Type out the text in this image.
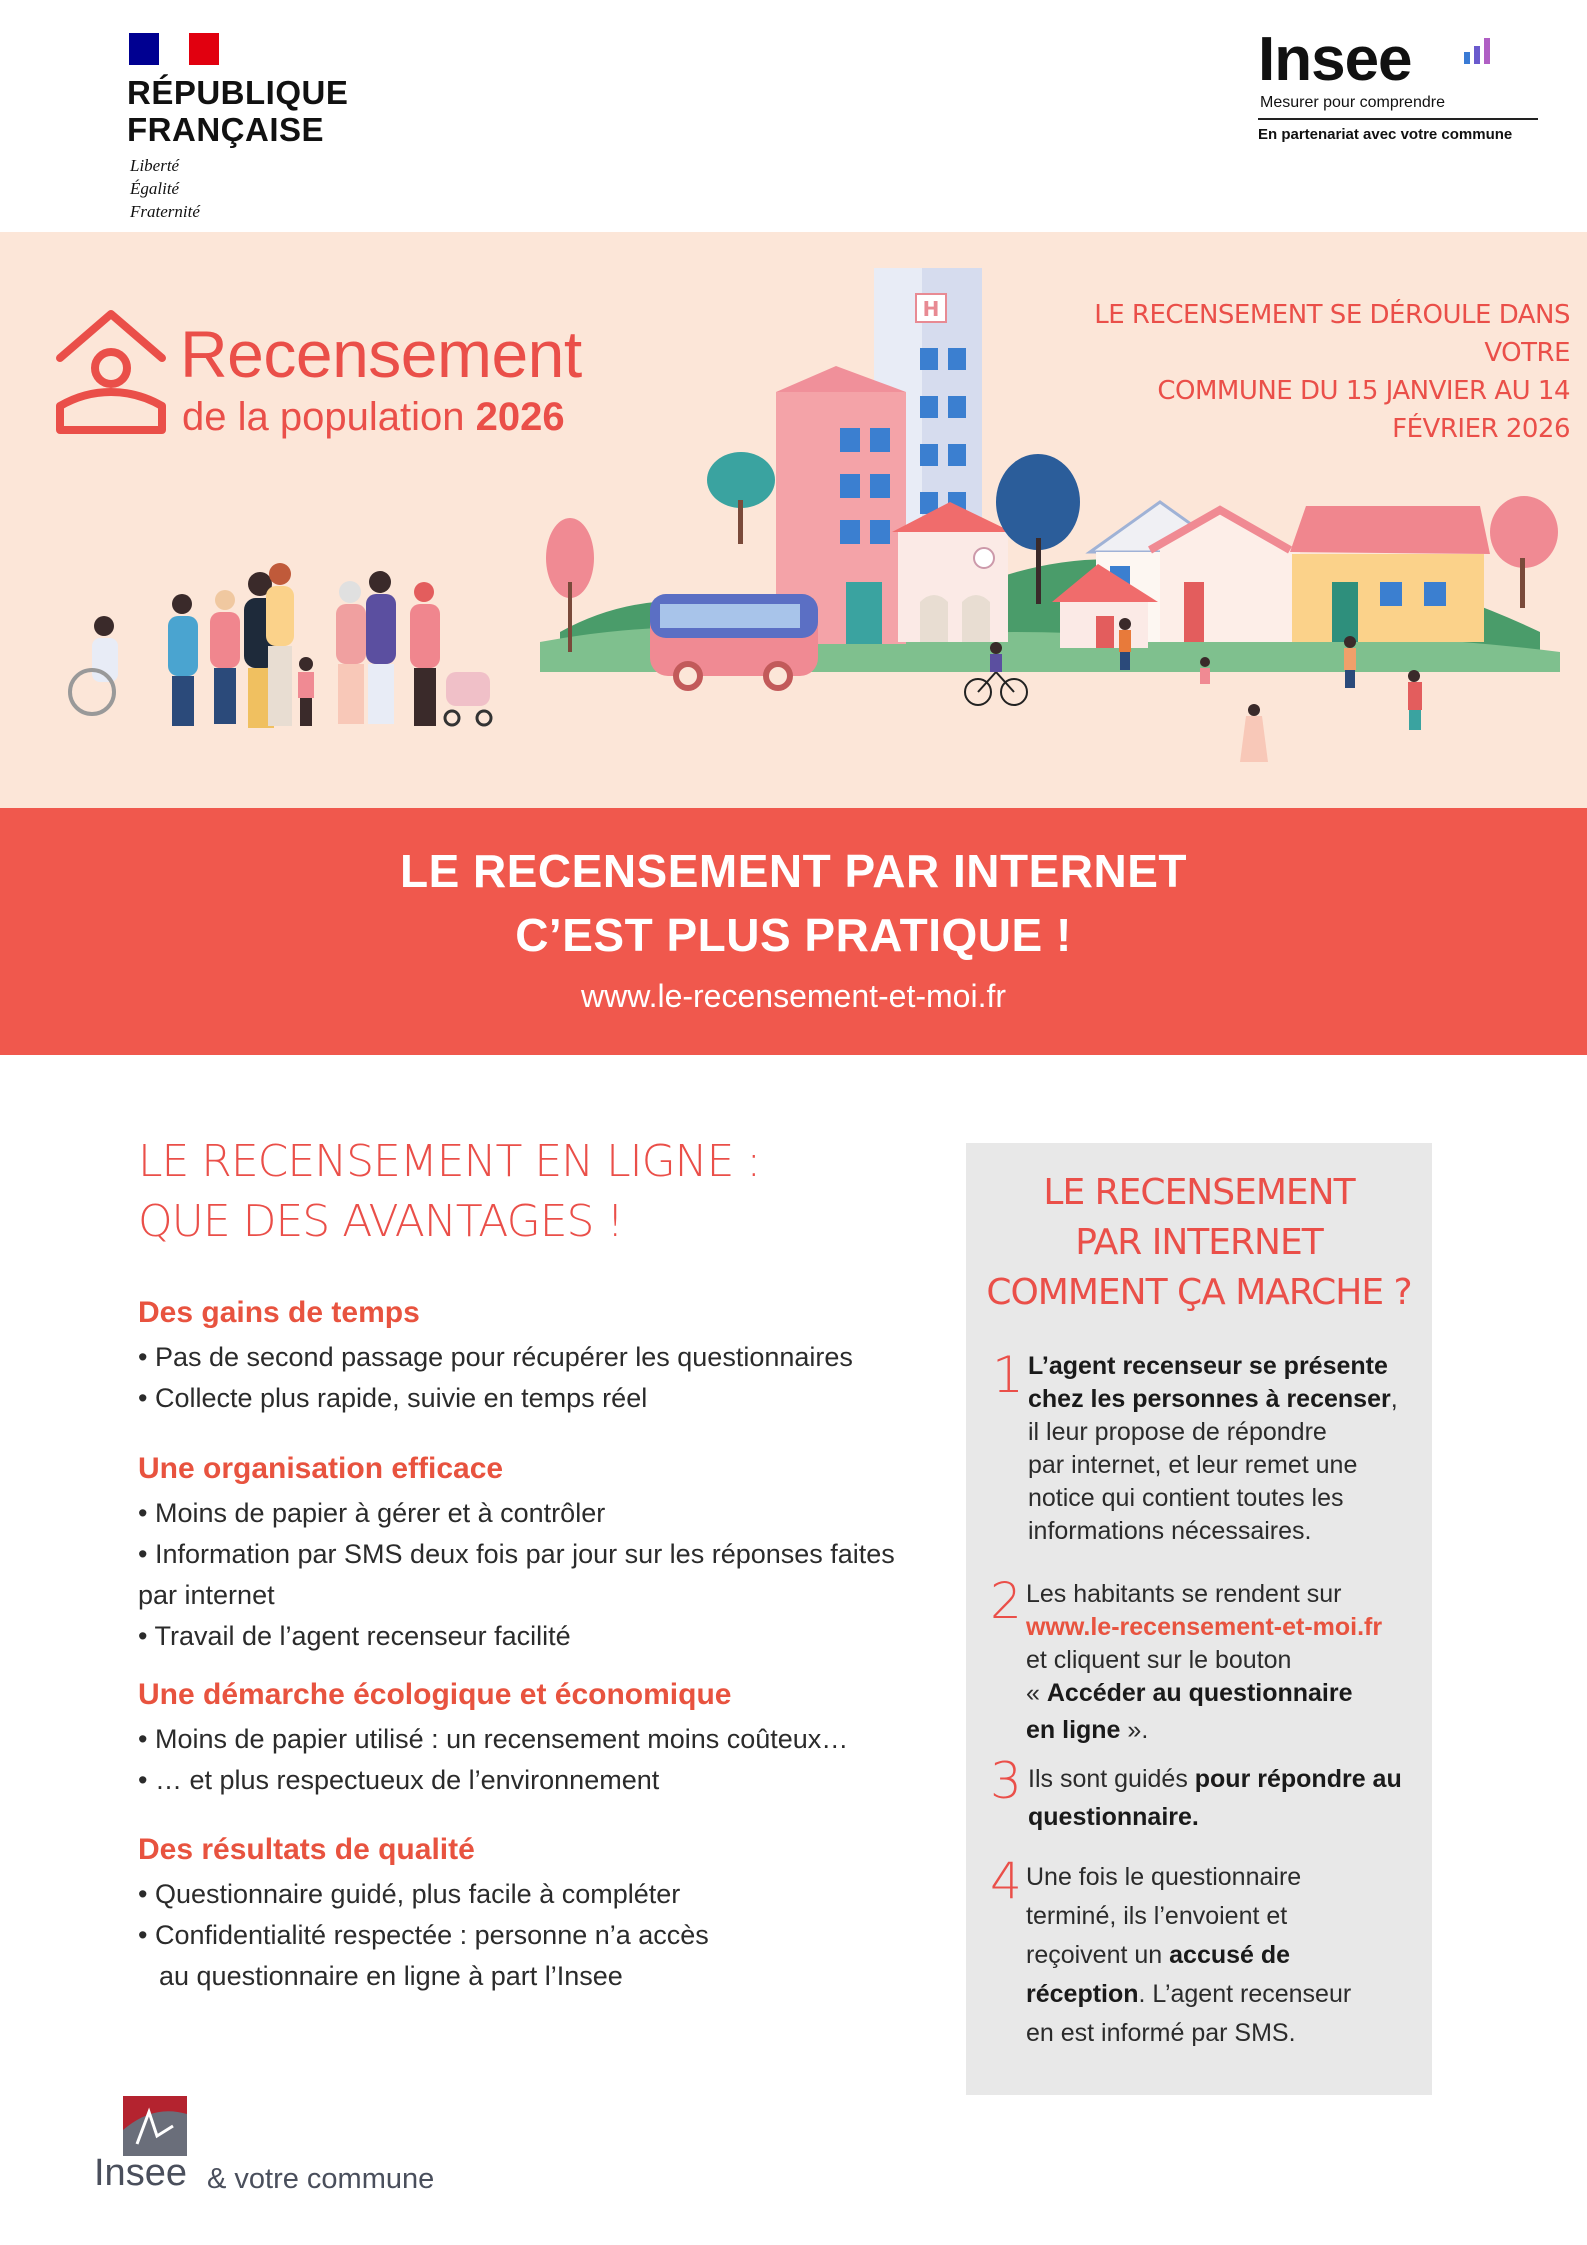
RÉPUBLIQUE
FRANÇAISE
Liberté
Égalité
Fraternité
Insee
Mesurer pour comprendre
En partenariat avec votre commune
Recensement
de la population 2026
LE RECENSEMENT SE DÉROULE DANS VOTRE
COMMUNE DU 15 JANVIER AU 14 FÉVRIER 2026
H
LE RECENSEMENT PAR INTERNET
C’EST PLUS PRATIQUE !
www.le-recensement-et-moi.fr
LE RECENSEMENT EN LIGNE :
QUE DES AVANTAGES !
Des gains de temps
• Pas de second passage pour récupérer les questionnaires
• Collecte plus rapide, suivie en temps réel
Une organisation efficace
• Moins de papier à gérer et à contrôler
• Information par SMS deux fois par jour sur les réponses faites
par internet
• Travail de l’agent recenseur facilité
Une démarche écologique et économique
• Moins de papier utilisé : un recensement moins coûteux…
• … et plus respectueux de l’environnement
Des résultats de qualité
• Questionnaire guidé, plus facile à compléter
• Confidentialité respectée : personne n’a accès
au questionnaire en ligne à part l’Insee
LE RECENSEMENT
PAR INTERNET
COMMENT ÇA MARCHE ?
1 L’agent recenseur se présente
chez les personnes à recenser,
il leur propose de répondre
par internet, et leur remet une
notice qui contient toutes les
informations nécessaires.
2 Les habitants se rendent sur
www.le-recensement-et-moi.fr
et cliquent sur le bouton
« Accéder au questionnaire
en ligne ».
3 Ils sont guidés pour répondre au
questionnaire.
4 Une fois le questionnaire
terminé, ils l’envoient et
reçoivent un accusé de
réception. L’agent recenseur
en est informé par SMS.
Insee & votre commune
